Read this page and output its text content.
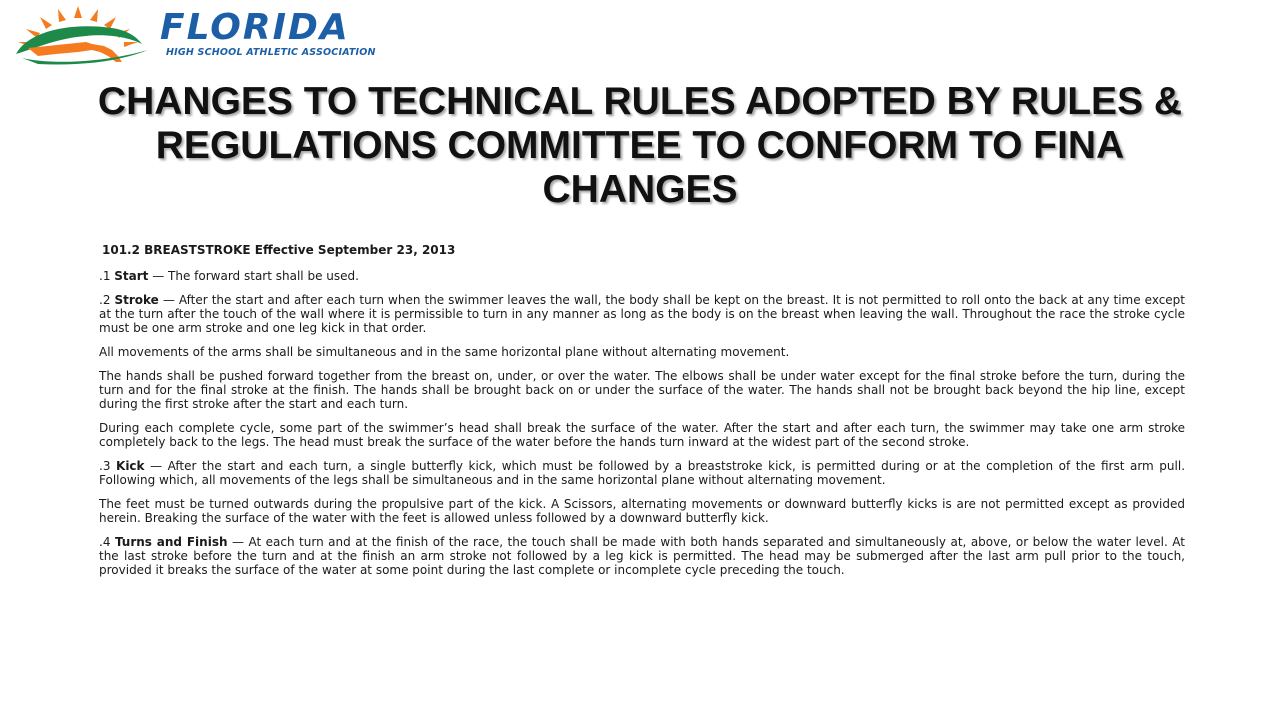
FLORIDA
HIGH SCHOOL ATHLETIC ASSOCIATION
CHANGES TO TECHNICAL RULES ADOPTED BY RULES & REGULATIONS COMMITTEE TO CONFORM TO FINA CHANGES

101.2 BREASTSTROKE Effective September 23, 2013

.1 Start — The forward start shall be used.

.2 Stroke — After the start and after each turn when the swimmer leaves the wall, the body shall be kept on the breast. It is not permitted to roll onto the back at any time except at the turn after the touch of the wall where it is permissible to turn in any manner as long as the body is on the breast when leaving the wall. Throughout the race the stroke cycle must be one arm stroke and one leg kick in that order.

All movements of the arms shall be simultaneous and in the same horizontal plane without alternating movement.

The hands shall be pushed forward together from the breast on, under, or over the water. The elbows shall be under water except for the final stroke before the turn, during the turn and for the final stroke at the finish. The hands shall be brought back on or under the surface of the water. The hands shall not be brought back beyond the hip line, except during the first stroke after the start and each turn.

During each complete cycle, some part of the swimmer’s head shall break the surface of the water. After the start and after each turn, the swimmer may take one arm stroke completely back to the legs. The head must break the surface of the water before the hands turn inward at the widest part of the second stroke.

.3 Kick — After the start and each turn, a single butterfly kick, which must be followed by a breaststroke kick, is permitted during or at the completion of the first arm pull. Following which, all movements of the legs shall be simultaneous and in the same horizontal plane without alternating movement.

The feet must be turned outwards during the propulsive part of the kick. A Scissors, alternating movements or downward butterfly kicks is are not permitted except as provided herein. Breaking the surface of the water with the feet is allowed unless followed by a downward butterfly kick.

.4 Turns and Finish — At each turn and at the finish of the race, the touch shall be made with both hands separated and simultaneously at, above, or below the water level. At the last stroke before the turn and at the finish an arm stroke not followed by a leg kick is permitted. The head may be submerged after the last arm pull prior to the touch, provided it breaks the surface of the water at some point during the last complete or incomplete cycle preceding the touch.
